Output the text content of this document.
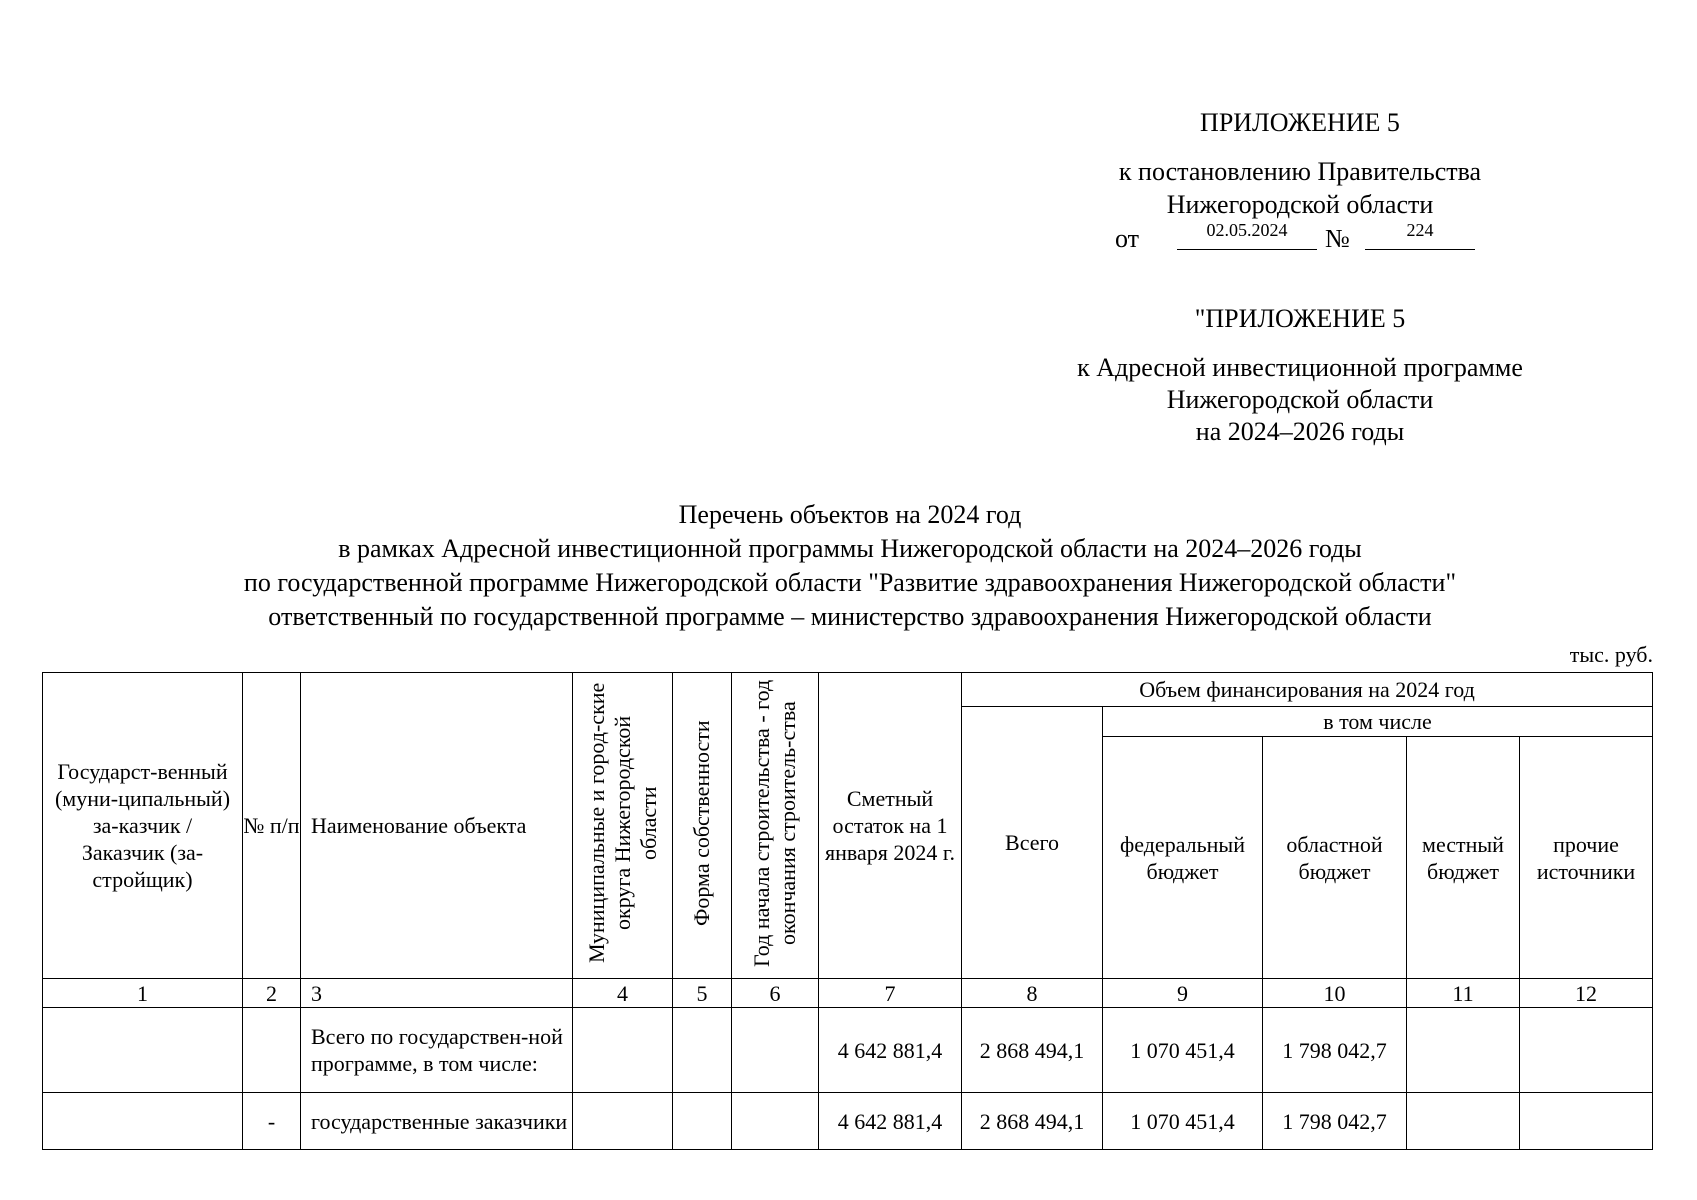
ПРИЛОЖЕНИЕ 5
к постановлению Правительства
Нижегородской области
от	02.05.2024	№	224
"ПРИЛОЖЕНИЕ 5
к Адресной инвестиционной программе
Нижегородской области
на 2024–2026 годы
Перечень объектов на 2024 год
в рамках Адресной инвестиционной программы Нижегородской области на 2024–2026 годы
по государственной программе Нижегородской области "Развитие здравоохранения Нижегородской области"
ответственный по государственной программе – министерство здравоохранения Нижегородской области
тыс. руб.
Государст-венный (муни-ципальный) за-казчик / Заказчик (за-стройщик)	№ п/п	Наименование объекта	Муниципальные и город-ские округа Нижегородской области	Форма собственности	Год начала строительства - год окончания строитель-ства	Сметный остаток на 1 января 2024 г.	Объем финансирования на 2024 год				
							Всего	в том числе			
								федеральный бюджет	областной бюджет	местный бюджет	прочие источники
1	2	3	4	5	6	7	8	9	10	11	12
		Всего по государствен-ной программе, в том числе:				4 642 881,4	2 868 494,1	1 070 451,4	1 798 042,7		
	-	государственные заказчики				4 642 881,4	2 868 494,1	1 070 451,4	1 798 042,7		
